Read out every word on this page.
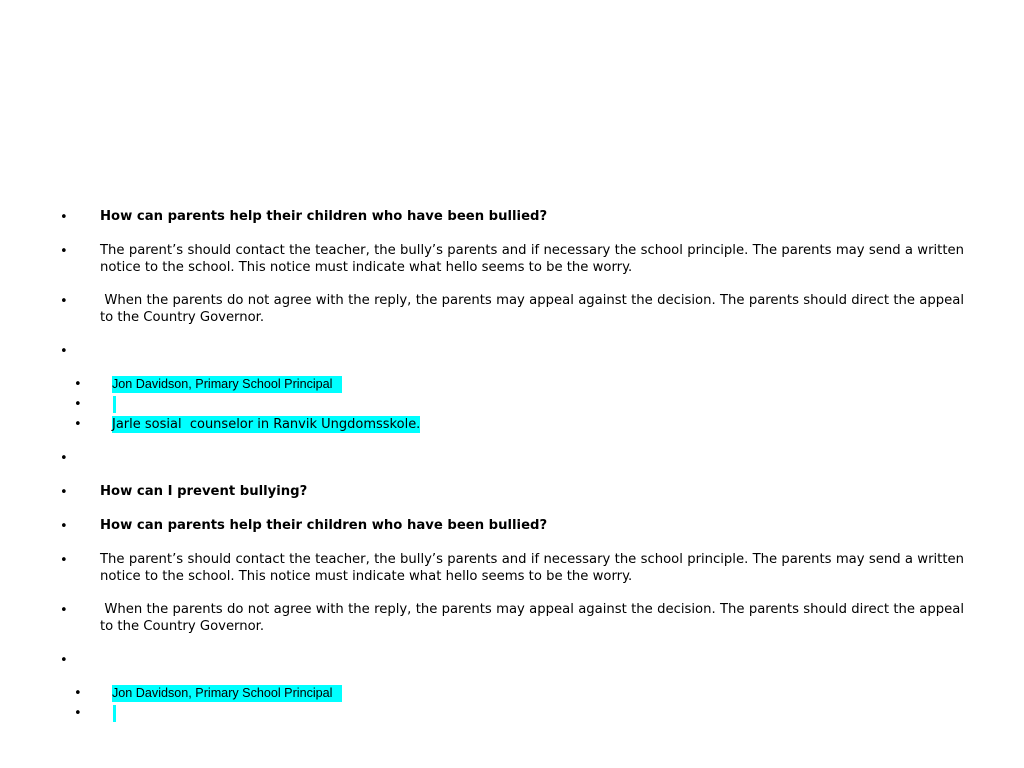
• How can parents help their children who have been bullied?
• The parent’s should contact the teacher, the bully’s parents and if necessary the school principle. The parents may send a written notice to the school. This notice must indicate what hello seems to be the worry.
• When the parents do not agree with the reply, the parents may appeal against the decision. The parents should direct the appeal to the Country Governor.
•
• Jon Davidson, Primary School Principal
•
• Jarle sosial  counselor in Ranvik Ungdomsskole.
•
• How can I prevent bullying?
• How can parents help their children who have been bullied?
• The parent’s should contact the teacher, the bully’s parents and if necessary the school principle. The parents may send a written notice to the school. This notice must indicate what hello seems to be the worry.
• When the parents do not agree with the reply, the parents may appeal against the decision. The parents should direct the appeal to the Country Governor.
•
• Jon Davidson, Primary School Principal
•
